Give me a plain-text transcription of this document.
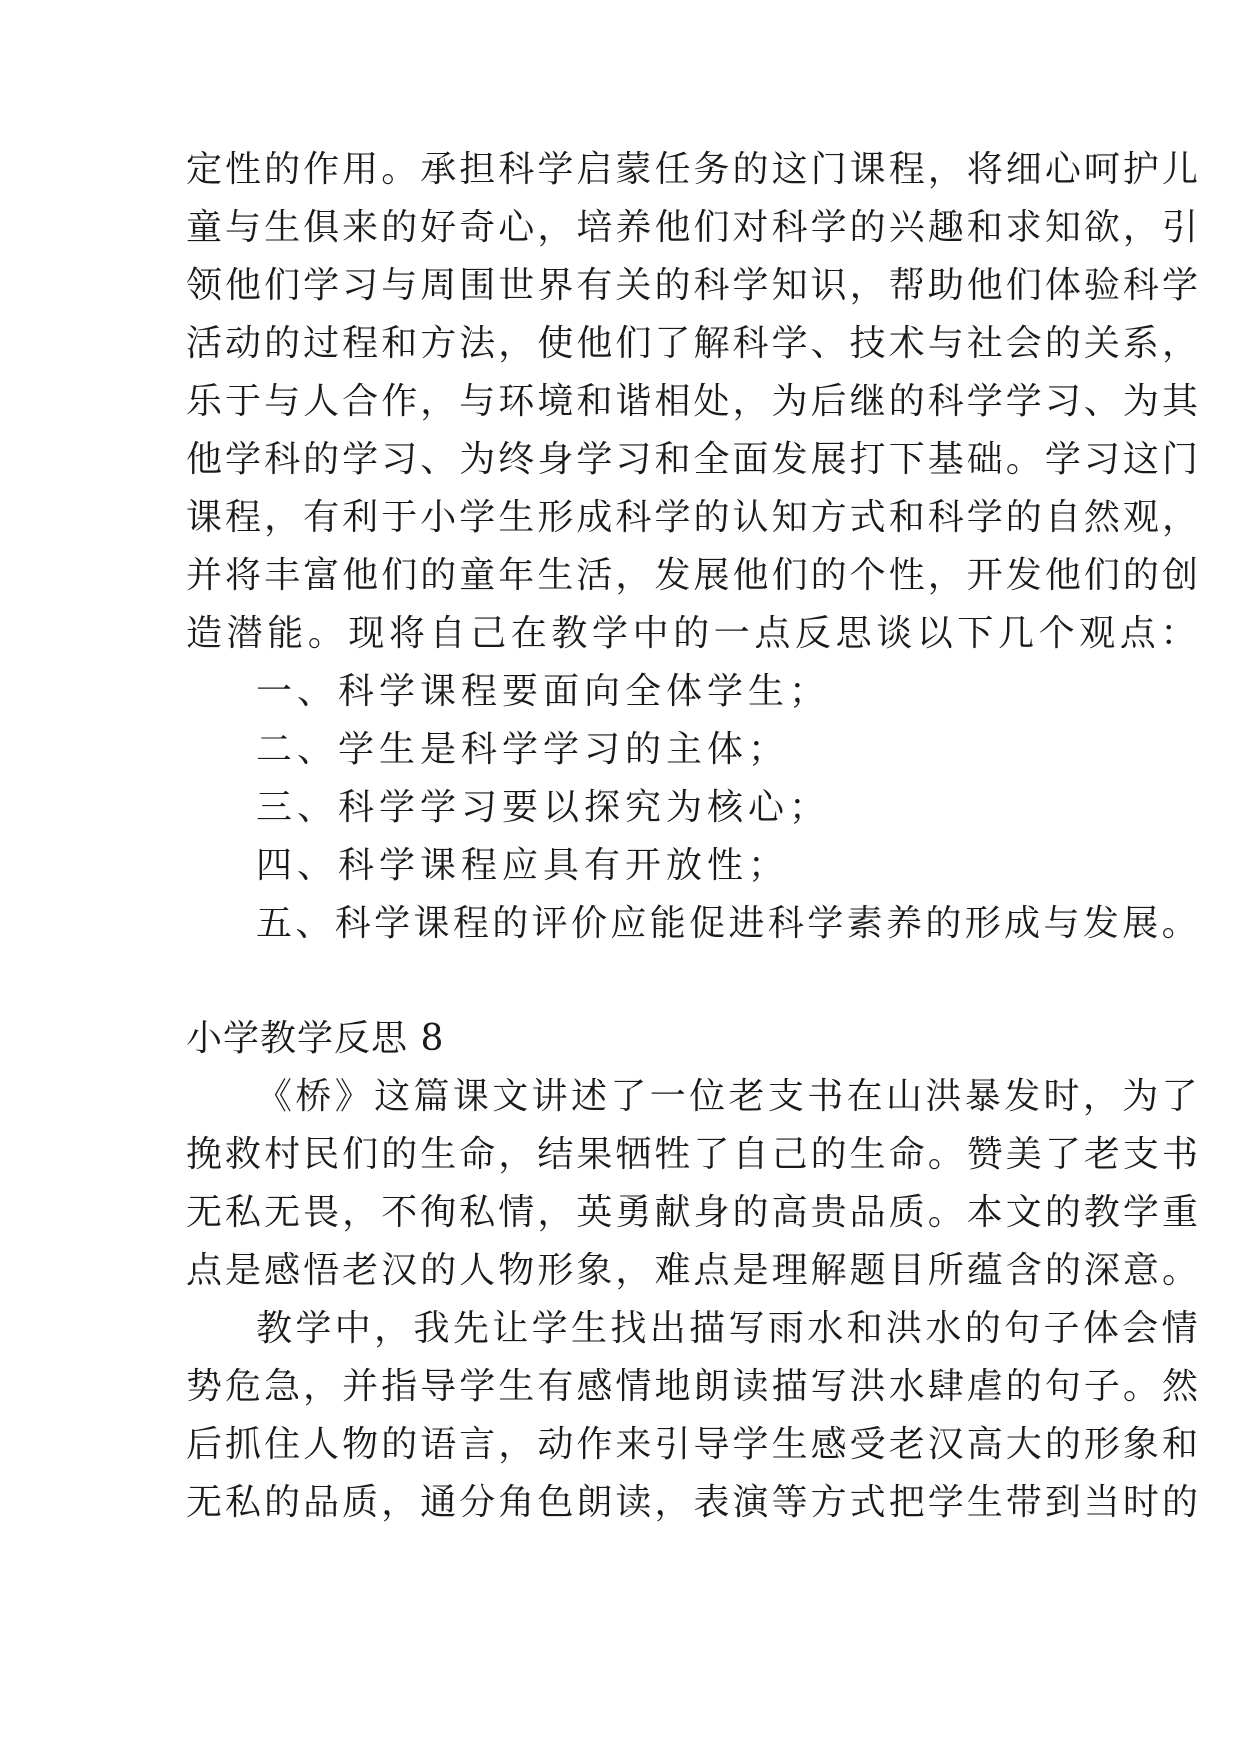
定性的作用。承担科学启蒙任务的这门课程，将细心呵护儿

童与生俱来的好奇心，培养他们对科学的兴趣和求知欲，引

领他们学习与周围世界有关的科学知识，帮助他们体验科学

活动的过程和方法，使他们了解科学、技术与社会的关系，

乐于与人合作，与环境和谐相处，为后继的科学学习、为其

他学科的学习、为终身学习和全面发展打下基础。学习这门

课程，有利于小学生形成科学的认知方式和科学的自然观，

并将丰富他们的童年生活，发展他们的个性，开发他们的创

造潜能。现将自己在教学中的一点反思谈以下几个观点：

一、科学课程要面向全体学生；

二、学生是科学学习的主体；

三、科学学习要以探究为核心；

四、科学课程应具有开放性；

五、科学课程的评价应能促进科学素养的形成与发展。

小学教学反思 8

《桥》这篇课文讲述了一位老支书在山洪暴发时，为了

挽救村民们的生命，结果牺牲了自己的生命。赞美了老支书

无私无畏，不徇私情，英勇献身的高贵品质。本文的教学重

点是感悟老汉的人物形象，难点是理解题目所蕴含的深意。

教学中，我先让学生找出描写雨水和洪水的句子体会情

势危急，并指导学生有感情地朗读描写洪水肆虐的句子。然

后抓住人物的语言，动作来引导学生感受老汉高大的形象和

无私的品质，通分角色朗读，表演等方式把学生带到当时的
